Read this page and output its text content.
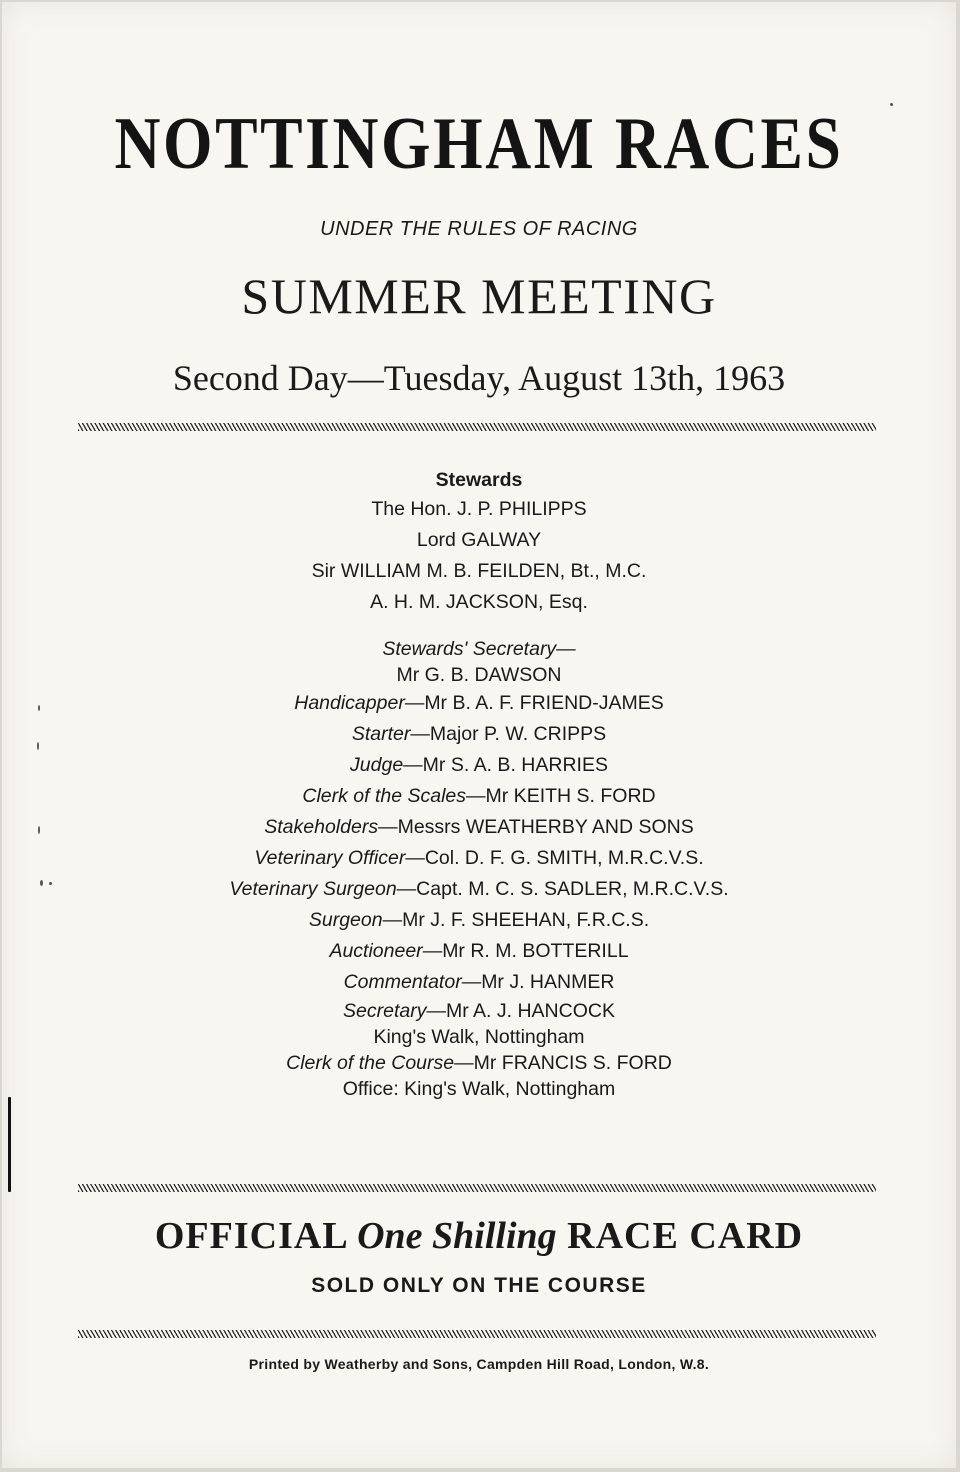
NOTTINGHAM RACES
UNDER THE RULES OF RACING
SUMMER MEETING
Second Day—Tuesday, August 13th, 1963
Stewards
The Hon. J. P. PHILIPPS
Lord GALWAY
Sir WILLIAM M. B. FEILDEN, Bt., M.C.
A. H. M. JACKSON, Esq.
Stewards' Secretary—
Mr G. B. DAWSON
Handicapper—Mr B. A. F. FRIEND-JAMES
Starter—Major P. W. CRIPPS
Judge—Mr S. A. B. HARRIES
Clerk of the Scales—Mr KEITH S. FORD
Stakeholders—Messrs WEATHERBY AND SONS
Veterinary Officer—Col. D. F. G. SMITH, M.R.C.V.S.
Veterinary Surgeon—Capt. M. C. S. SADLER, M.R.C.V.S.
Surgeon—Mr J. F. SHEEHAN, F.R.C.S.
Auctioneer—Mr R. M. BOTTERILL
Commentator—Mr J. HANMER
Secretary—Mr A. J. HANCOCK
King's Walk, Nottingham
Clerk of the Course—Mr FRANCIS S. FORD
Office: King's Walk, Nottingham
OFFICIAL One Shilling RACE CARD
SOLD ONLY ON THE COURSE
Printed by Weatherby and Sons, Campden Hill Road, London, W.8.
